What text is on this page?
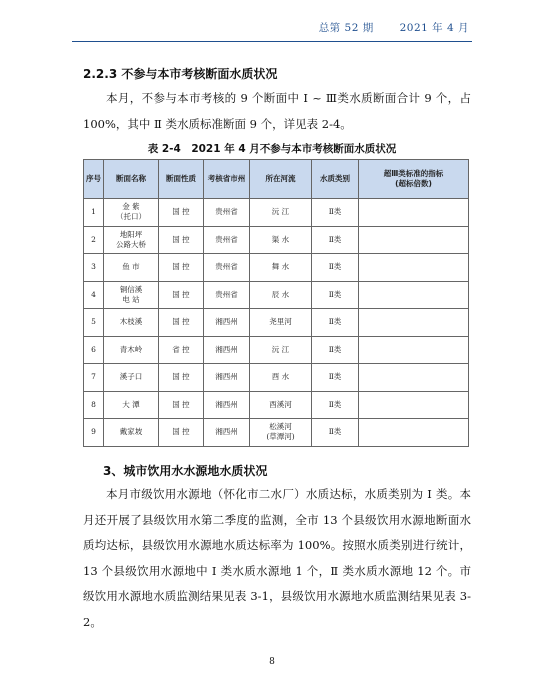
总第 52 期 2021 年 4 月
2.2.3 不参与本市考核断面水质状况
本月，不参与本市考核的 9 个断面中 Ⅰ ~ Ⅲ类水质断面合计 9 个，占 100%，其中 Ⅱ 类水质标准断面 9 个，详见表 2-4。
表 2-4　2021 年 4 月不参与本市考核断面水质状况
序号	断面名称	断面性质	考核省市州	所在河流	水质类别	超Ⅲ类标准的指标
(超标倍数)
1	金 紫
（托口）	国 控	贵州省	沅 江	Ⅱ类	
2	地阳坪
公路大桥	国 控	贵州省	渠 水	Ⅱ类	
3	鱼 市	国 控	贵州省	舞 水	Ⅱ类	
4	铜信溪
电 站	国 控	贵州省	辰 水	Ⅱ类	
5	木枝溪	国 控	湘西州	尧里河	Ⅱ类	
6	青木岭	省 控	湘西州	沅 江	Ⅱ类	
7	溪子口	国 控	湘西州	酉 水	Ⅱ类	
8	大 潭	国 控	湘西州	酉溪河	Ⅱ类	
9	戴家坡	国 控	湘西州	松溪河
(草潭河)	Ⅱ类	
3、城市饮用水水源地水质状况
本月市级饮用水源地（怀化市二水厂）水质达标，水质类别为 Ⅰ 类。本月还开展了县级饮用水第二季度的监测，全市 13 个县级饮用水源地断面水质均达标，县级饮用水源地水质达标率为 100%。按照水质类别进行统计，13 个县级饮用水源地中 Ⅰ 类水质水源地 1 个，Ⅱ 类水质水源地 12 个。市级饮用水源地水质监测结果见表 3-1，县级饮用水源地水质监测结果见表 3-2。
8
